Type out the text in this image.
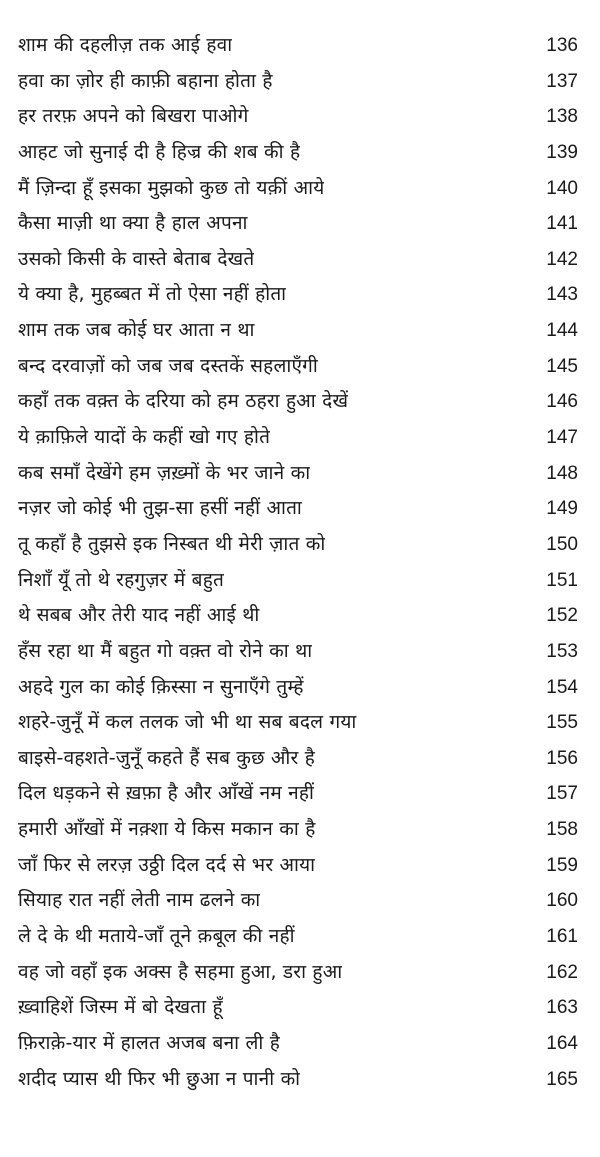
शाम की दहलीज़ तक आई हवा	136
हवा का ज़ोर ही काफ़ी बहाना होता है	137
हर तरफ़ अपने को बिखरा पाओगे	138
आहट जो सुनाई दी है हिज्र की शब की है	139
मैं ज़िन्दा हूँ इसका मुझको कुछ तो यक़ीं आये	140
कैसा माज़ी था क्या है हाल अपना	141
उसको किसी के वास्ते बेताब देखते	142
ये क्या है, मुहब्बत में तो ऐसा नहीं होता	143
शाम तक जब कोई घर आता न था	144
बन्द दरवाज़ों को जब जब दस्तकें सहलाएँगी	145
कहाँ तक वक़्त के दरिया को हम ठहरा हुआ देखें	146
ये क़ाफ़िले यादों के कहीं खो गए होते	147
कब समाँ देखेंगे हम ज़ख़्मों के भर जाने का	148
नज़र जो कोई भी तुझ-सा हसीं नहीं आता	149
तू कहाँ है तुझसे इक निस्बत थी मेरी ज़ात को	150
निशाँ यूँ तो थे रहगुज़र में बहुत	151
थे सबब और तेरी याद नहीं आई थी	152
हँस रहा था मैं बहुत गो वक़्त वो रोने का था	153
अहदे गुल का कोई क़िस्सा न सुनाएँगे तुम्हें	154
शहरे-जुनूँ में कल तलक जो भी था सब बदल गया	155
बाइसे-वहशते-जुनूँ कहते हैं सब कुछ और है	156
दिल धड़कने से ख़फ़ा है और आँखें नम नहीं	157
हमारी आँखों में नक़्शा ये किस मकान का है	158
जाँ फिर से लरज़ उठ्ठी दिल दर्द से भर आया	159
सियाह रात नहीं लेती नाम ढलने का	160
ले दे के थी मताये-जाँ तूने क़बूल की नहीं	161
वह जो वहाँ इक अक्स है सहमा हुआ, डरा हुआ	162
ख़्वाहिशें जिस्म में बो देखता हूँ	163
फ़िराक़े-यार में हालत अजब बना ली है	164
शदीद प्यास थी फिर भी छुआ न पानी को	165
